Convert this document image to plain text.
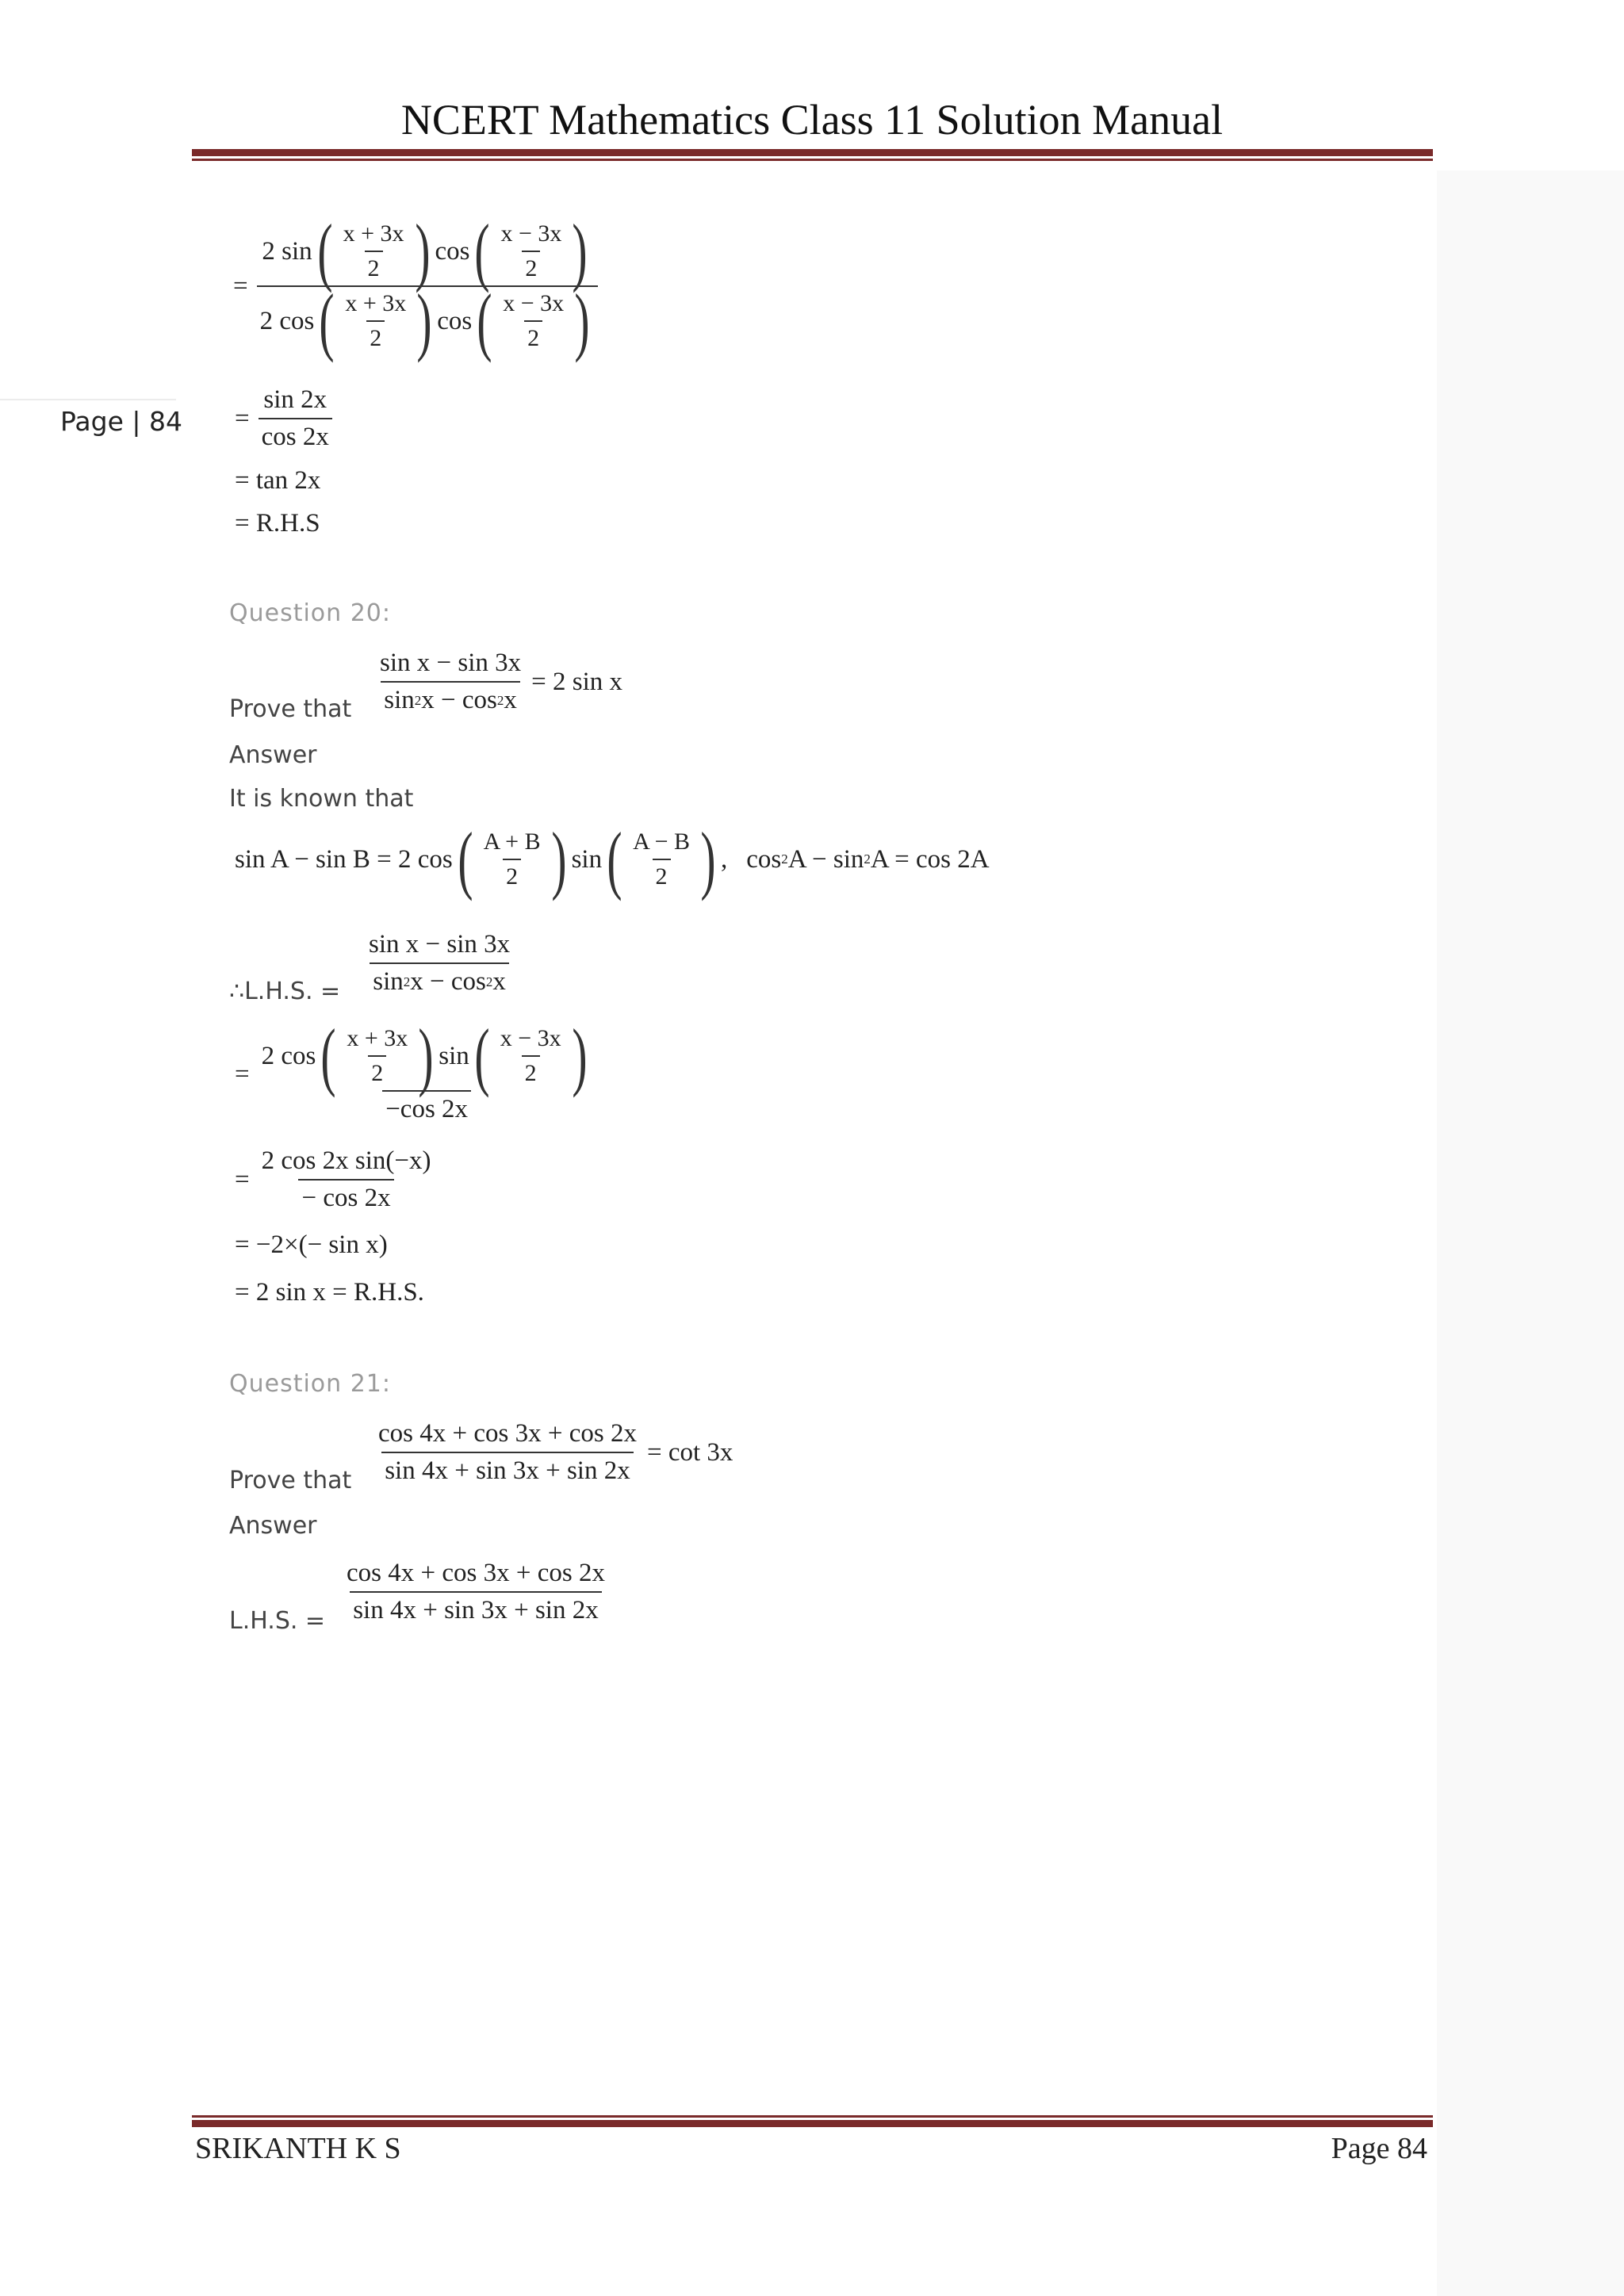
NCERT Mathematics Class 11 Solution Manual
Page | 84
= $\frac{2 \sin ( \frac{x + 3x}{2} ) \cos ( \frac{x - 3x}{2} )}{2 \cos ( \frac{x + 3x}{2} ) \cos ( \frac{x - 3x}{2} )}$
= $\frac{\sin 2x}{\cos 2x}$
= tan 2x
= R.H.S
Question 20:
Prove that $\frac{\text{sin x − sin 3x}}{\sin 2 x - \cos 2 x} = 2$ sin x
Answer
It is known that
sin A − sin B = 2 cos ( $\frac{A + B}{2}$ ) sin ( $\frac{A - B}{2}$ ) , cos 2 A − sin 2 A = cos 2A
∴L.H.S. = $\frac{\text{sin x − sin 3x}}{\sin 2 x - \cos 2 x}$
= $\frac{2 \cos ( \frac{x + 3x}{2} ) \sin ( \frac{x - 3x}{2} )}{-\cos 2x}$
= $\frac{\text{2 cos 2x sin(−x)}}{- \cos 2x}$
= −2×(− sin x)
= 2 sin x = R.H.S.
Question 21:
Prove that $\frac{\cos 4x + \cos 3x + \cos 2x}{\sin 4x + \sin 3x + \sin 2x} = \cot 3x$
Answer
L.H.S. = $\frac{\cos 4x + \cos 3x + \cos 2x}{\sin 4x + \sin 3x + \sin 2x}$
SRIKANTH K S	Page 84
